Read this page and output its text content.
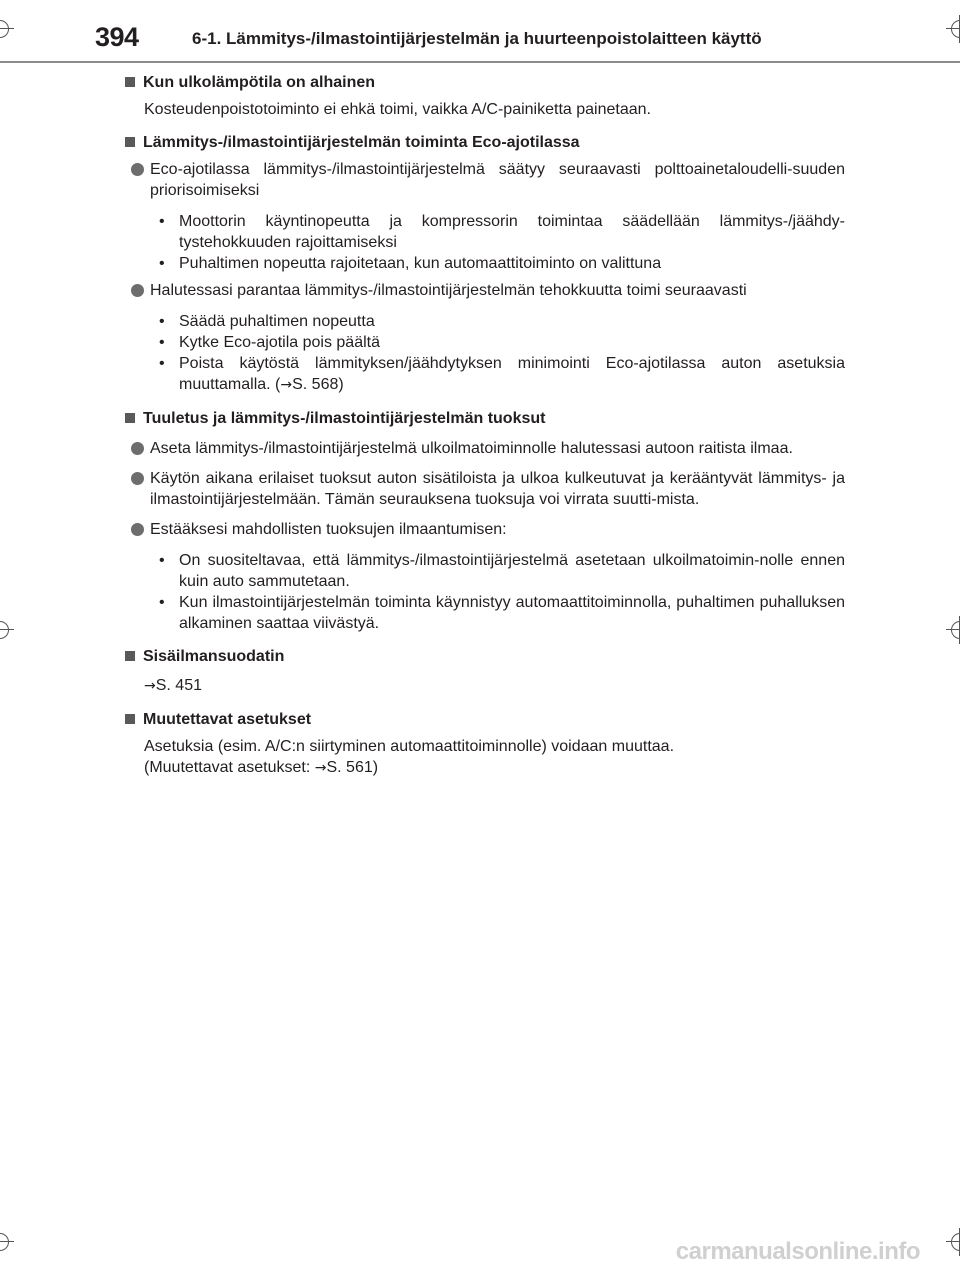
394	6-1. Lämmitys-/ilmastointijärjestelmän ja huurteenpoistolaitteen käyttö
Kun ulkolämpötila on alhainen
Kosteudenpoistotoiminto ei ehkä toimi, vaikka A/C-painiketta painetaan.
Lämmitys-/ilmastointijärjestelmän toiminta Eco-ajotilassa
Eco-ajotilassa lämmitys-/ilmastointijärjestelmä säätyy seuraavasti polttoainetaloudelli-suuden priorisoimiseksi
• Moottorin käyntinopeutta ja kompressorin toimintaa säädellään lämmitys-/jäähdy-tystehokkuuden rajoittamiseksi
• Puhaltimen nopeutta rajoitetaan, kun automaattitoiminto on valittuna
Halutessasi parantaa lämmitys-/ilmastointijärjestelmän tehokkuutta toimi seuraavasti
• Säädä puhaltimen nopeutta
• Kytke Eco-ajotila pois päältä
• Poista käytöstä lämmityksen/jäähdytyksen minimointi Eco-ajotilassa auton asetuksia muuttamalla. (→S. 568)
Tuuletus ja lämmitys-/ilmastointijärjestelmän tuoksut
Aseta lämmitys-/ilmastointijärjestelmä ulkoilmatoiminnolle halutessasi autoon raitista ilmaa.
Käytön aikana erilaiset tuoksut auton sisätiloista ja ulkoa kulkeutuvat ja kerääntyvät lämmitys- ja ilmastointijärjestelmään. Tämän seurauksena tuoksuja voi virrata suutti-mista.
Estääksesi mahdollisten tuoksujen ilmaantumisen:
• On suositeltavaa, että lämmitys-/ilmastointijärjestelmä asetetaan ulkoilmatoimin-nolle ennen kuin auto sammutetaan.
• Kun ilmastointijärjestelmän toiminta käynnistyy automaattitoiminnolla, puhaltimen puhalluksen alkaminen saattaa viivästyä.
Sisäilmansuodatin
→S. 451
Muutettavat asetukset
Asetuksia (esim. A/C:n siirtyminen automaattitoiminnolle) voidaan muuttaa.
(Muutettavat asetukset: →S. 561)
carmanualsonline.info
